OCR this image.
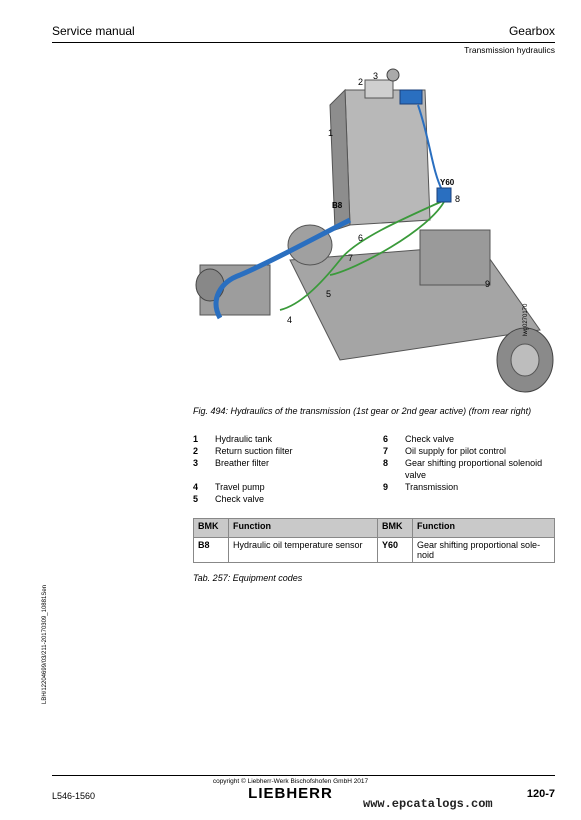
Service manual	Gearbox
Transmission hydraulics
1
2
3
4
5
6
7
8
9
B8
Y60
lwg0270170
Fig. 494: Hydraulics of the transmission (1st gear or 2nd gear active) (from rear right)
1 Hydraulic tank
2 Return suction filter
3 Breather filter
4 Travel pump
5 Check valve
6 Check valve
7 Oil supply for pilot control
8 Gear shifting proportional solenoid valve
9 Transmission
BMK	Function	BMK	Function
B8	Hydraulic oil temperature sensor	Y60	Gear shifting proportional sole-noid
Tab. 257: Equipment codes
LBH/12204699/03/211-20170309_10881Sen
copyright © Liebherr-Werk Bischofshofen GmbH 2017
L546-1560	LIEBHERR
www.epcatalogs.com
120-7
